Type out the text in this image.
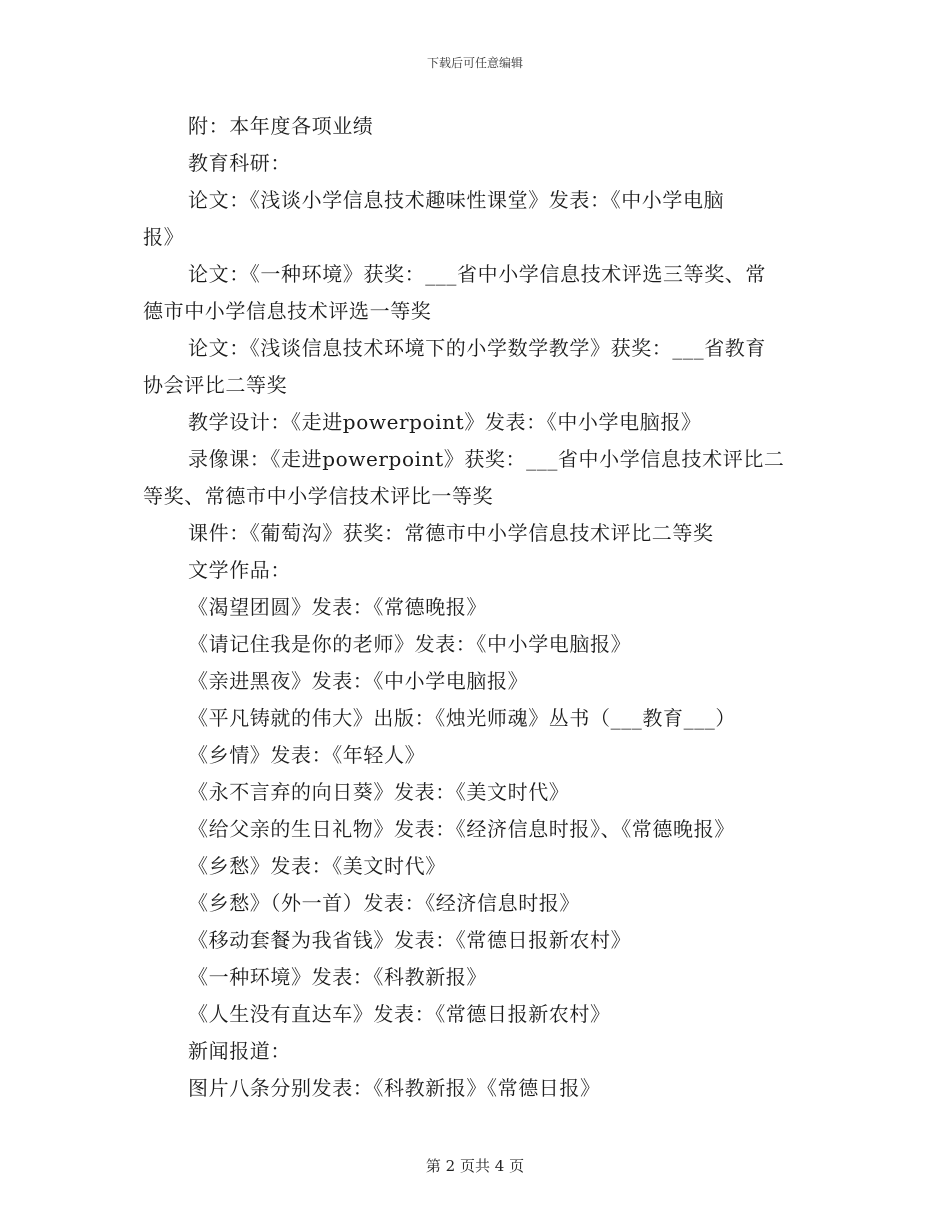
下载后可任意编辑
附：本年度各项业绩
教育科研：
论文：《浅谈小学信息技术趣味性课堂》发表：《中小学电脑
报》
论文：《一种环境》获奖：___省中小学信息技术评选三等奖、常
德市中小学信息技术评选一等奖
论文：《浅谈信息技术环境下的小学数学教学》获奖：___省教育
协会评比二等奖
教学设计：《走进powerpoint》发表：《中小学电脑报》
录像课：《走进powerpoint》获奖：___省中小学信息技术评比二
等奖、常德市中小学信技术评比一等奖
课件：《葡萄沟》获奖：常德市中小学信息技术评比二等奖
文学作品：
《渴望团圆》发表：《常德晚报》
《请记住我是你的老师》发表：《中小学电脑报》
《亲进黑夜》发表：《中小学电脑报》
《平凡铸就的伟大》出版：《烛光师魂》丛书（___教育___）
《乡情》发表：《年轻人》
《永不言弃的向日葵》发表：《美文时代》
《给父亲的生日礼物》发表：《经济信息时报》、《常德晚报》
《乡愁》发表：《美文时代》
《乡愁》（外一首）发表：《经济信息时报》
《移动套餐为我省钱》发表：《常德日报新农村》
《一种环境》发表：《科教新报》
《人生没有直达车》发表：《常德日报新农村》
新闻报道：
图片八条分别发表：《科教新报》《常德日报》
第 2 页共 4 页
